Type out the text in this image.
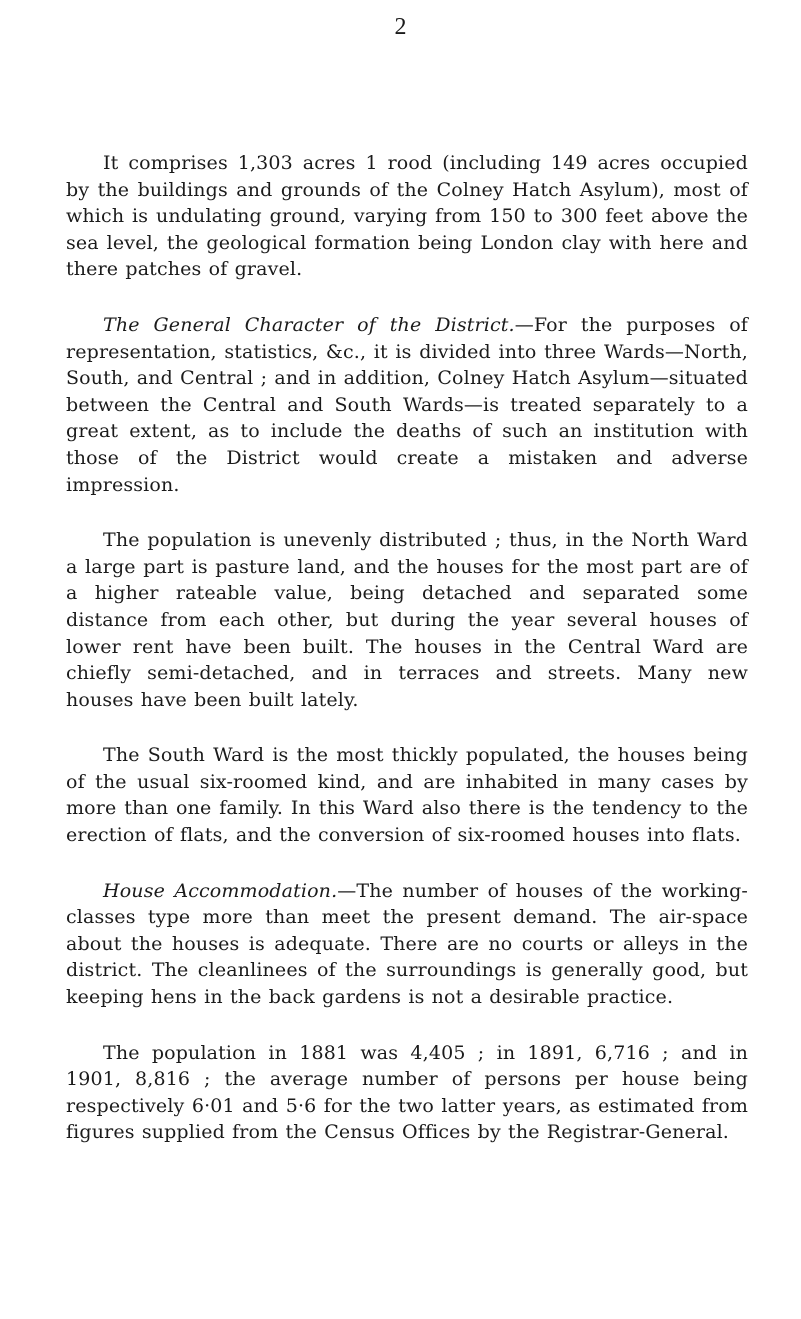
2

It comprises 1,303 acres 1 rood (including 149 acres occupied by the buildings and grounds of the Colney Hatch Asylum), most of which is undulating ground, varying from 150 to 300 feet above the sea level, the geological formation being London clay with here and there patches of gravel.

The General Character of the District.—For the purposes of representation, statistics, &c., it is divided into three Wards—North, South, and Central ; and in addition, Colney Hatch Asylum—situated between the Central and South Wards—is treated separately to a great extent, as to include the deaths of such an institution with those of the District would create a mistaken and adverse impression.

The population is unevenly distributed ; thus, in the North Ward a large part is pasture land, and the houses for the most part are of a higher rateable value, being detached and separated some distance from each other, but during the year several houses of lower rent have been built. The houses in the Central Ward are chiefly semi-detached, and in terraces and streets. Many new houses have been built lately.

The South Ward is the most thickly populated, the houses being of the usual six-roomed kind, and are inhabited in many cases by more than one family. In this Ward also there is the tendency to the erection of flats, and the conversion of six-roomed houses into flats.

House Accommodation.—The number of houses of the working-classes type more than meet the present demand. The air-space about the houses is adequate. There are no courts or alleys in the district. The cleanlinees of the surroundings is generally good, but keeping hens in the back gardens is not a desirable practice.

The population in 1881 was 4,405 ; in 1891, 6,716 ; and in 1901, 8,816 ; the average number of persons per house being respectively 6·01 and 5·6 for the two latter years, as estimated from figures supplied from the Census Offices by the Registrar-General.
